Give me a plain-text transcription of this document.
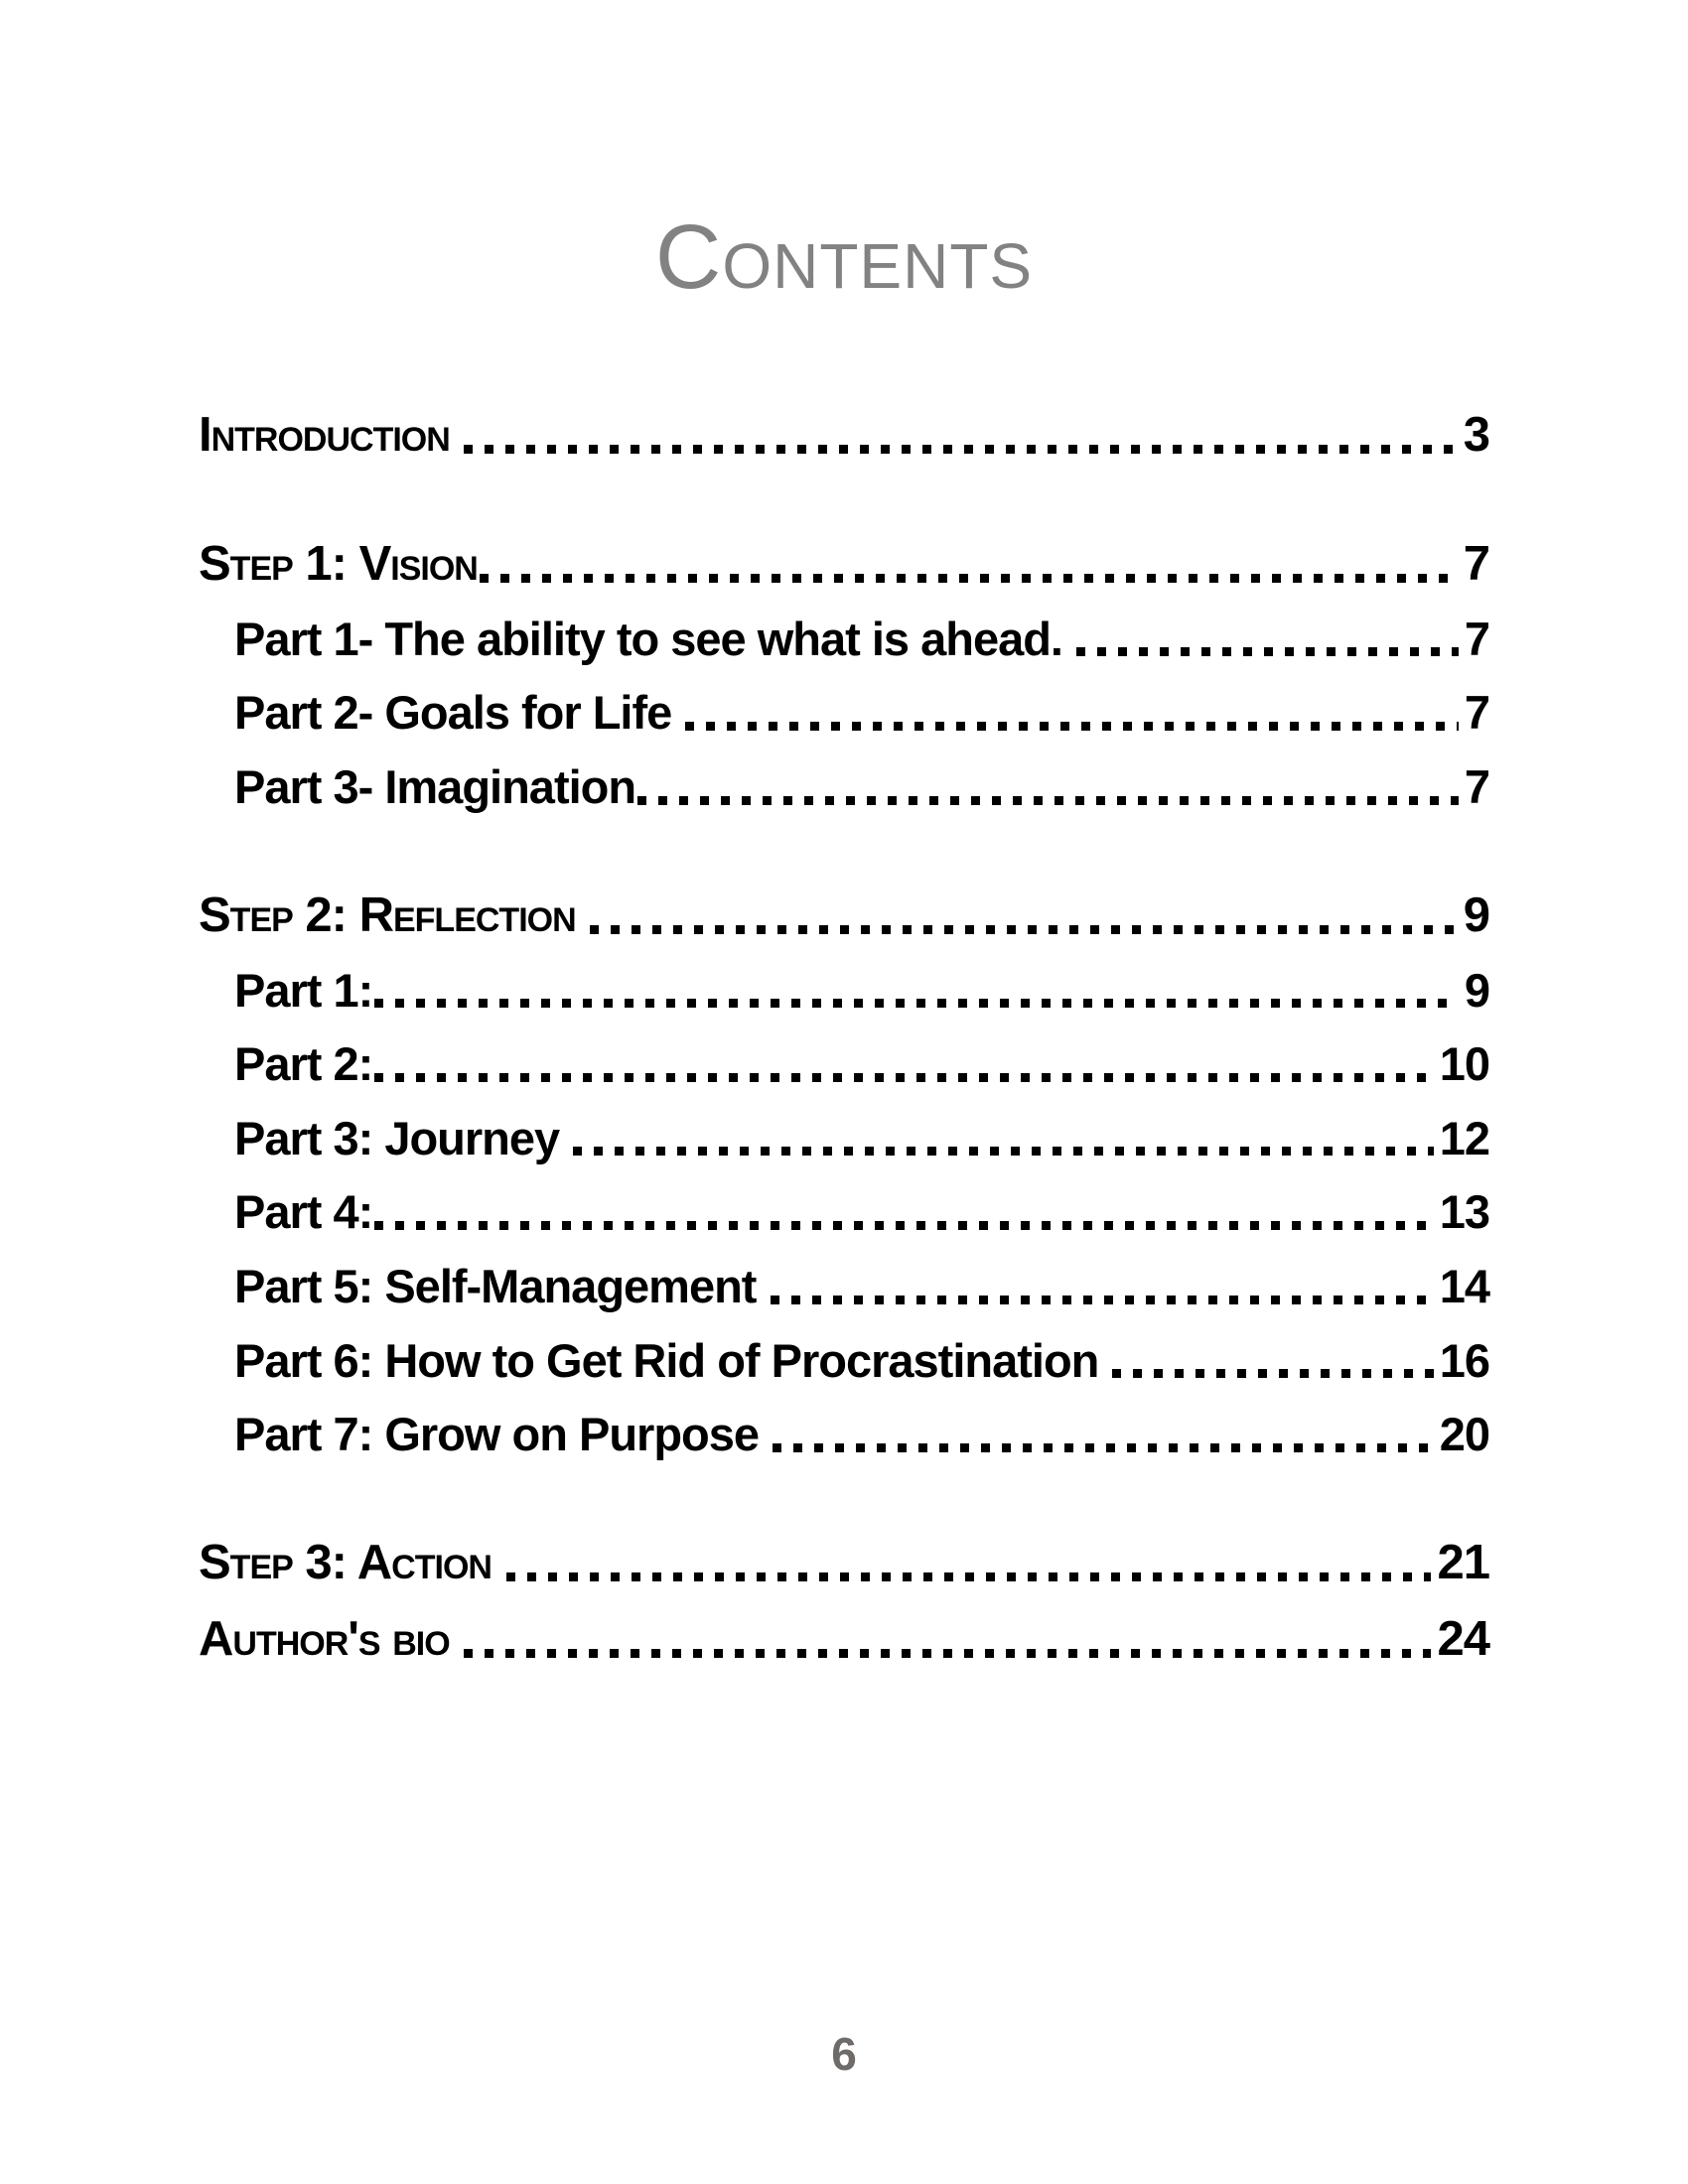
Contents
Introduction	3
Step 1: Vision	7
Part 1- The ability to see what is ahead.	7
Part 2- Goals for Life	7
Part 3- Imagination	7
Step 2: Reflection	9
Part 1:	9
Part 2:	10
Part 3: Journey	12
Part 4:	13
Part 5: Self-Management	14
Part 6: How to Get Rid of Procrastination	16
Part 7: Grow on Purpose	20
Step 3: Action	21
Author's bio	24
6
